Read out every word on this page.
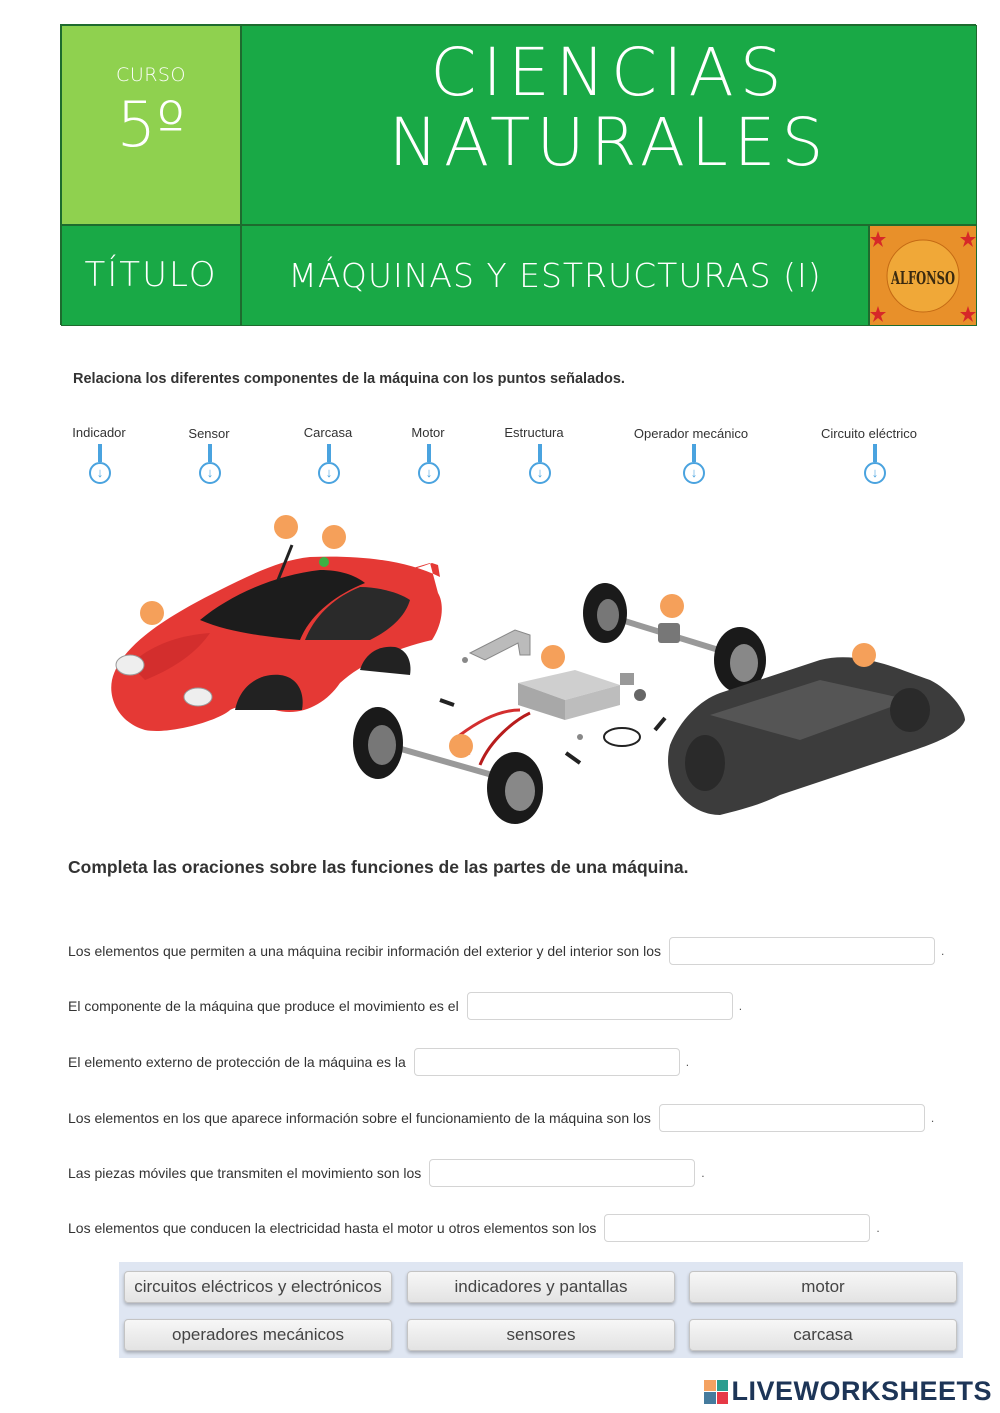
CURSO
5º
CIENCIAS
NATURALES
TÍTULO	MÁQUINAS Y ESTRUCTURAS (I)	ALFONSO
Relaciona los diferentes componentes de la máquina con los puntos señalados.
Indicador
↓
Sensor
↓
Carcasa
↓
Motor
↓
Estructura
↓
Operador mecánico
↓
Circuito eléctrico
↓
Completa las oraciones sobre las funciones de las partes de una máquina.
Los elementos que permiten a una máquina recibir información del exterior y del interior son los	.
El componente de la máquina que produce el movimiento es el	.
El elemento externo de protección de la máquina es la	.
Los elementos en los que aparece información sobre el funcionamiento de la máquina son los	.
Las piezas móviles que transmiten el movimiento son los	.
Los elementos que conducen la electricidad hasta el motor u otros elementos son los	.
circuitos eléctricos y electrónicos	indicadores y pantallas	motor
operadores mecánicos	sensores	carcasa
LIVEWORKSHEETS
